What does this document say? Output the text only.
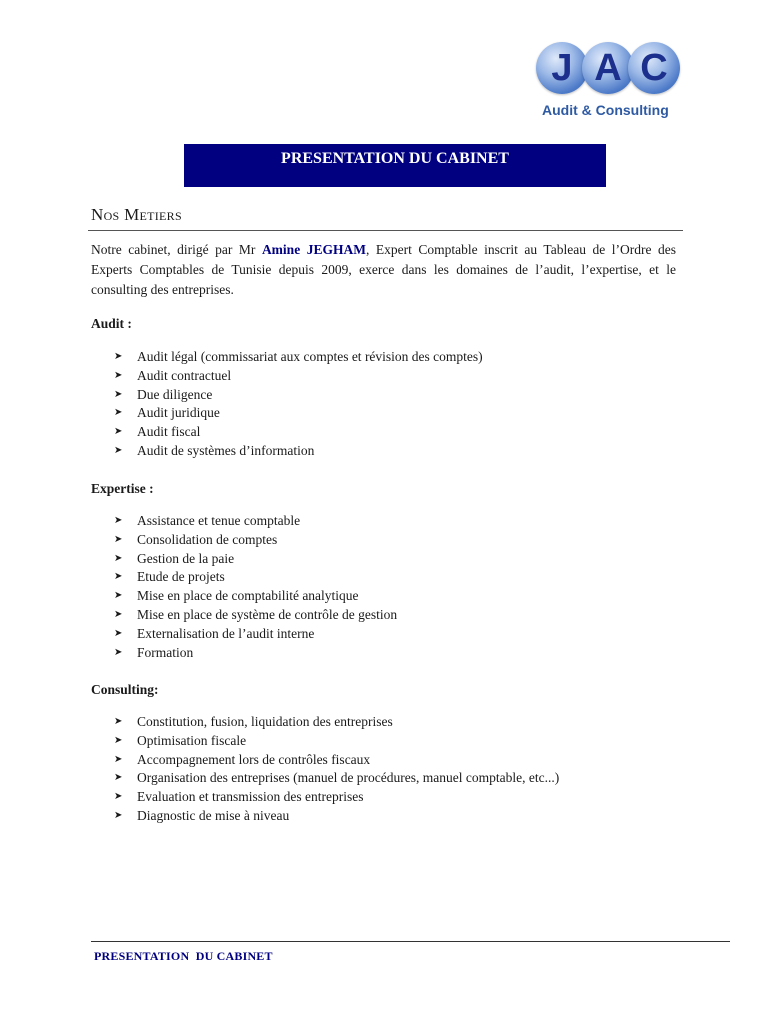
J A C
Audit & Consulting
PRESENTATION DU CABINET
Nos Metiers

Notre cabinet, dirigé par Mr Amine JEGHAM, Expert Comptable inscrit au Tableau de l’Ordre des Experts Comptables de Tunisie depuis 2009, exerce dans les domaines de l’audit, l’expertise, et le consulting des entreprises.

Audit :
➤ Audit légal (commissariat aux comptes et révision des comptes)
➤ Audit contractuel
➤ Due diligence
➤ Audit juridique
➤ Audit fiscal
➤ Audit de systèmes d’information
Expertise :
➤ Assistance et tenue comptable
➤ Consolidation de comptes
➤ Gestion de la paie
➤ Etude de projets
➤ Mise en place de comptabilité analytique
➤ Mise en place de système de contrôle de gestion
➤ Externalisation de l’audit interne
➤ Formation
Consulting:
➤ Constitution, fusion, liquidation des entreprises
➤ Optimisation fiscale
➤ Accompagnement lors de contrôles fiscaux
➤ Organisation des entreprises (manuel de procédures, manuel comptable, etc...)
➤ Evaluation et transmission des entreprises
➤ Diagnostic de mise à niveau
PRESENTATION  DU CABINET
